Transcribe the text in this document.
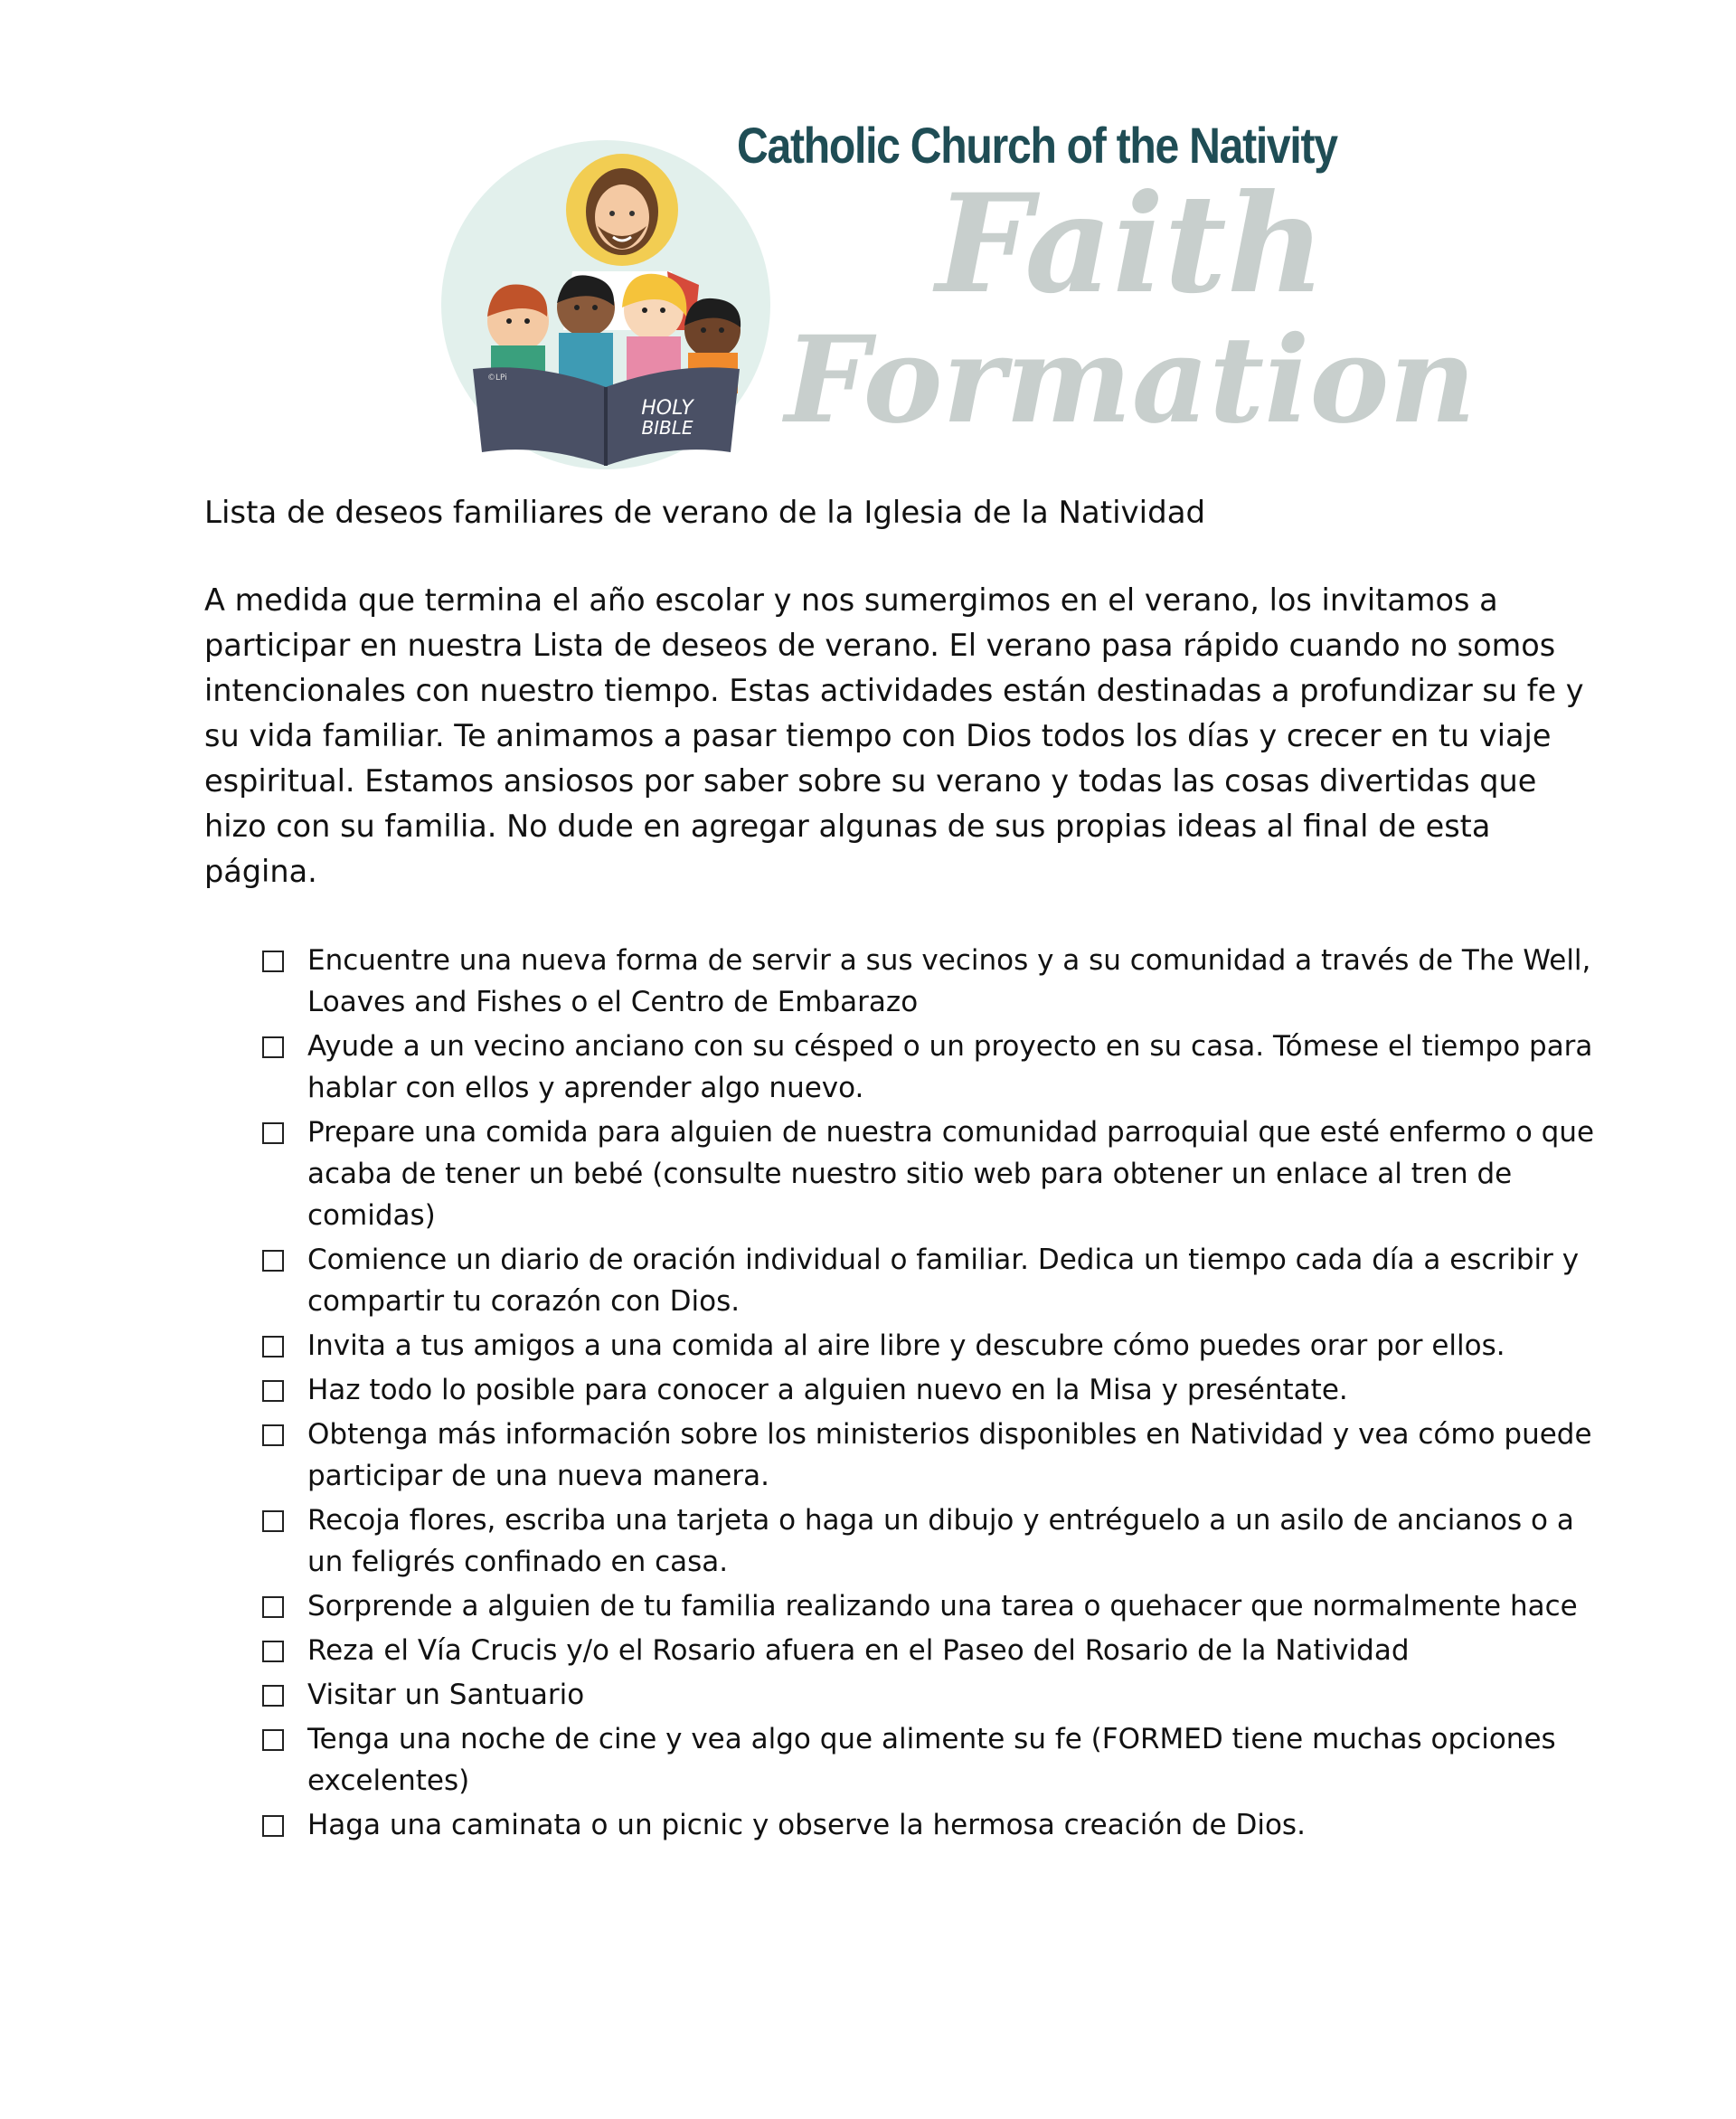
HOLY
BIBLE
©LPi
Catholic Church of the Nativity
Faith
Formation
Lista de deseos familiares de verano de la Iglesia de la Natividad
A medida que termina el año escolar y nos sumergimos en el verano, los invitamos a participar en nuestra Lista de deseos de verano. El verano pasa rápido cuando no somos intencionales con nuestro tiempo. Estas actividades están destinadas a profundizar su fe y su vida familiar. Te animamos a pasar tiempo con Dios todos los días y crecer en tu viaje espiritual. Estamos ansiosos por saber sobre su verano y todas las cosas divertidas que hizo con su familia. No dude en agregar algunas de sus propias ideas al final de esta página.
Encuentre una nueva forma de servir a sus vecinos y a su comunidad a través de The Well, Loaves and Fishes o el Centro de Embarazo
Ayude a un vecino anciano con su césped o un proyecto en su casa. Tómese el tiempo para hablar con ellos y aprender algo nuevo.
Prepare una comida para alguien de nuestra comunidad parroquial que esté enfermo o que acaba de tener un bebé (consulte nuestro sitio web para obtener un enlace al tren de comidas)
Comience un diario de oración individual o familiar. Dedica un tiempo cada día a escribir y compartir tu corazón con Dios.
Invita a tus amigos a una comida al aire libre y descubre cómo puedes orar por ellos.
Haz todo lo posible para conocer a alguien nuevo en la Misa y preséntate.
Obtenga más información sobre los ministerios disponibles en Natividad y vea cómo puede participar de una nueva manera.
Recoja flores, escriba una tarjeta o haga un dibujo y entréguelo a un asilo de ancianos o a un feligrés confinado en casa.
Sorprende a alguien de tu familia realizando una tarea o quehacer que normalmente hace
Reza el Vía Crucis y/o el Rosario afuera en el Paseo del Rosario de la Natividad
Visitar un Santuario
Tenga una noche de cine y vea algo que alimente su fe (FORMED tiene muchas opciones excelentes)
Haga una caminata o un picnic y observe la hermosa creación de Dios.
